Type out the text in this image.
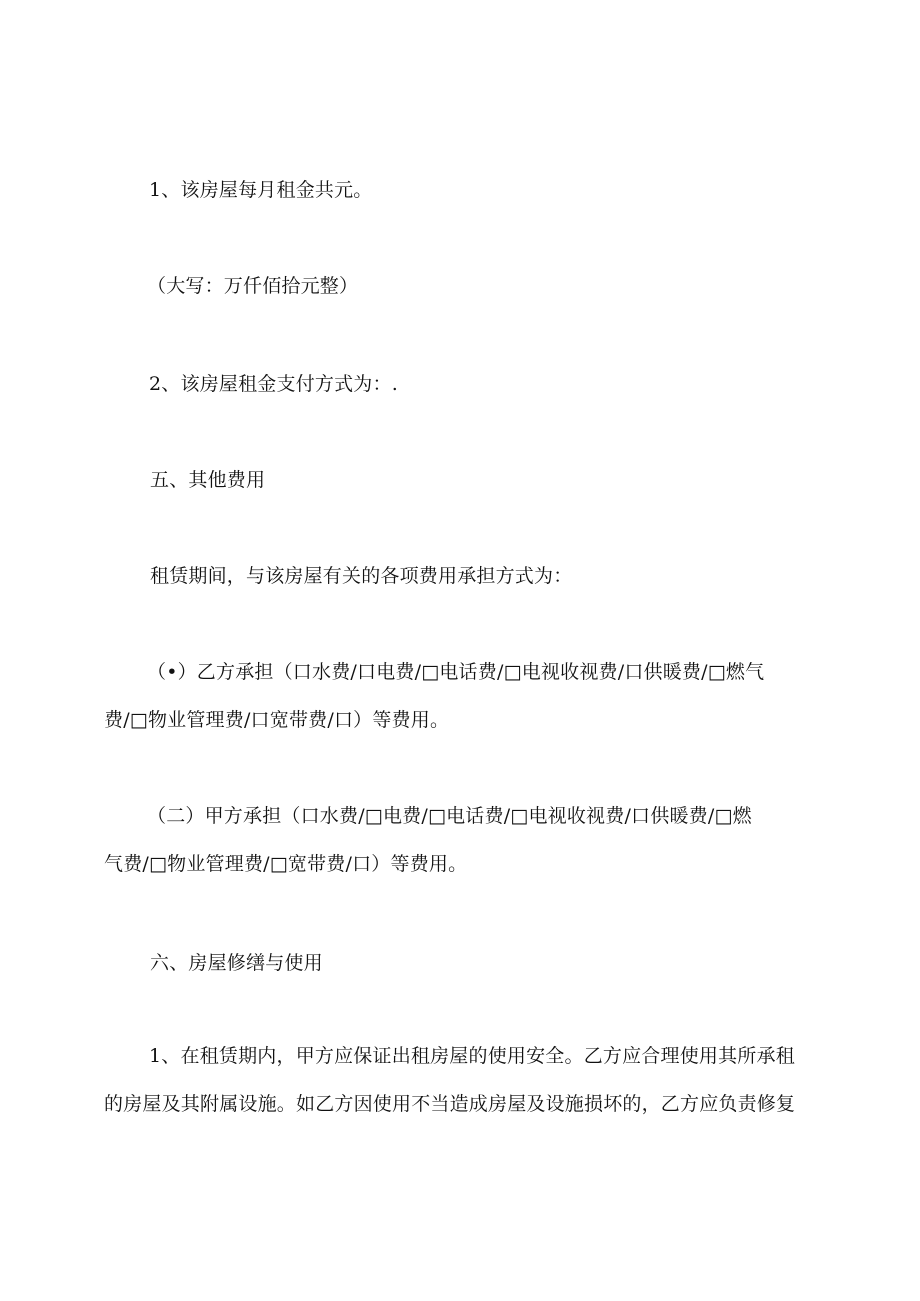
1、该房屋每月租金共元。
（大写：万仟佰拾元整）
2、该房屋租金支付方式为：.
五、其他费用
租赁期间，与该房屋有关的各项费用承担方式为：
（•）乙方承担（口水费/口电费/□电话费/□电视收视费/口供暖费/□燃气
费/□物业管理费/口宽带费/口）等费用。
（二）甲方承担（口水费/□电费/□电话费/□电视收视费/口供暖费/□燃
气费/□物业管理费/□宽带费/口）等费用。
六、房屋修缮与使用
1、在租赁期内，甲方应保证出租房屋的使用安全。乙方应合理使用其所承租
的房屋及其附属设施。如乙方因使用不当造成房屋及设施损坏的，乙方应负责修复
